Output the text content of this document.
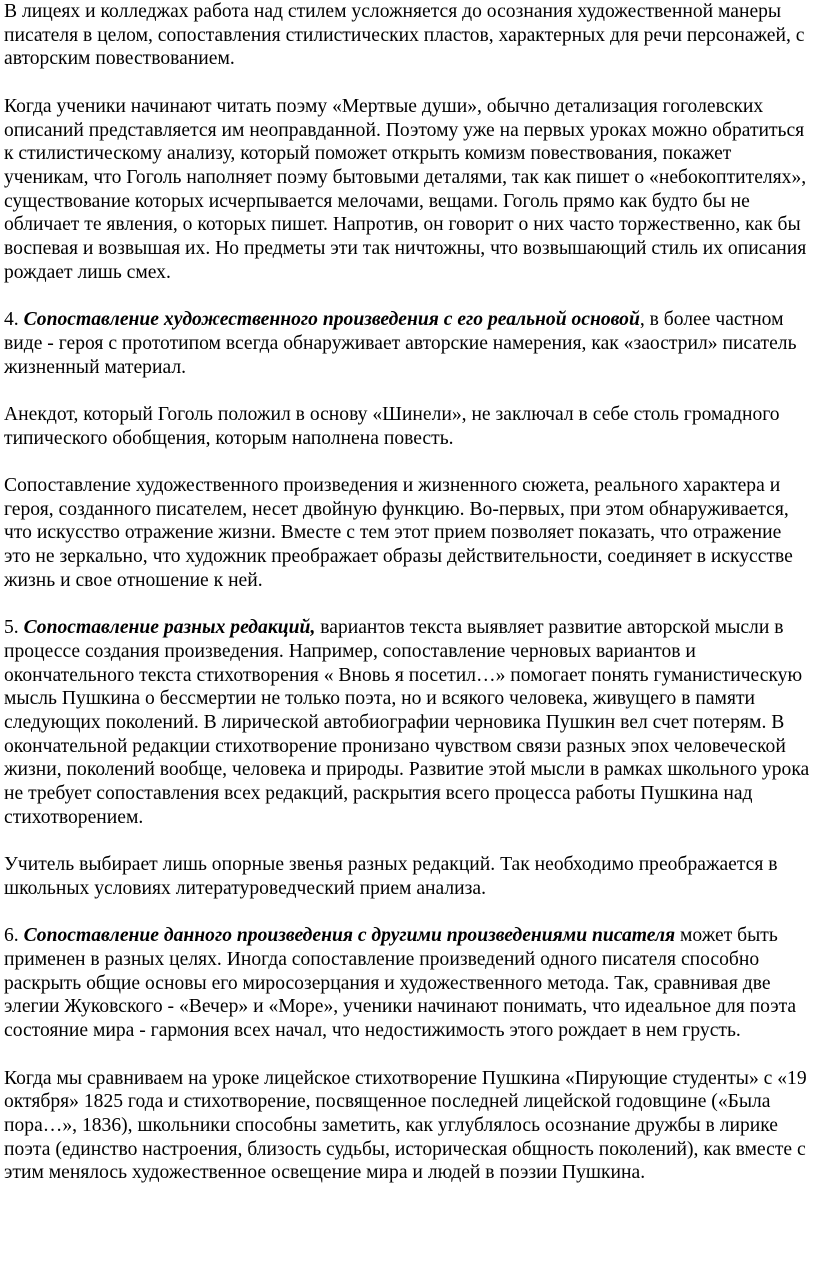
В лицеях и колледжах работа над стилем усложняется до осознания художественной манеры писателя в целом, сопоставления стилистических пластов, характерных для речи персонажей, с авторским повествованием.

Когда ученики начинают читать поэму «Мертвые души», обычно детализация гоголевских описаний представляется им неоправданной. Поэтому уже на первых уроках можно обратиться к стилистическому анализу, который поможет открыть комизм повествования, покажет ученикам, что Гоголь наполняет поэму бытовыми деталями, так как пишет о «небокоптителях», существование которых исчерпывается мелочами, вещами. Гоголь прямо как будто бы не обличает те явления, о которых пишет. Напротив, он говорит о них часто торжественно, как бы воспевая и возвышая их. Но предметы эти так ничтожны, что возвышающий стиль их описания рождает лишь смех.

4. Сопоставление художественного произведения с его реальной основой, в более частном виде - героя с прототипом всегда обнаруживает авторские намерения, как «заострил» писатель жизненный материал.

Анекдот, который Гоголь положил в основу «Шинели», не заключал в себе столь громадного типического обобщения, которым наполнена повесть.

Сопоставление художественного произведения и жизненного сюжета, реального характера и героя, созданного писателем, несет двойную функцию. Во-первых, при этом обнаруживается, что искусство отражение жизни. Вместе с тем этот прием позволяет показать, что отражение это не зеркально, что художник преображает образы действительности, соединяет в искусстве жизнь и свое отношение к ней.

5. Сопоставление разных редакций, вариантов текста выявляет развитие авторской мысли в процессе создания произведения. Например, сопоставление черновых вариантов и окончательного текста стихотворения « Вновь я посетил…» помогает понять гуманистическую мысль Пушкина о бессмертии не только поэта, но и всякого человека, живущего в памяти следующих поколений. В лирической автобиографии черновика Пушкин вел счет потерям. В окончательной редакции стихотворение пронизано чувством связи разных эпох человеческой жизни, поколений вообще, человека и природы. Развитие этой мысли в рамках школьного урока не требует сопоставления всех редакций, раскрытия всего процесса работы Пушкина над стихотворением.

Учитель выбирает лишь опорные звенья разных редакций. Так необходимо преображается в школьных условиях литературоведческий прием анализа.

6. Сопоставление данного произведения с другими произведениями писателя может быть применен в разных целях. Иногда сопоставление произведений одного писателя способно раскрыть общие основы его миросозерцания и художественного метода. Так, сравнивая две элегии Жуковского - «Вечер» и «Море», ученики начинают понимать, что идеальное для поэта состояние мира - гармония всех начал, что недостижимость этого рождает в нем грусть.

Когда мы сравниваем на уроке лицейское стихотворение Пушкина «Пирующие студенты» с «19 октября» 1825 года и стихотворение, посвященное последней лицейской годовщине («Была пора…», 1836), школьники способны заметить, как углублялось осознание дружбы в лирике поэта (единство настроения, близость судьбы, историческая общность поколений), как вместе с этим менялось художественное освещение мира и людей в поэзии Пушкина.
